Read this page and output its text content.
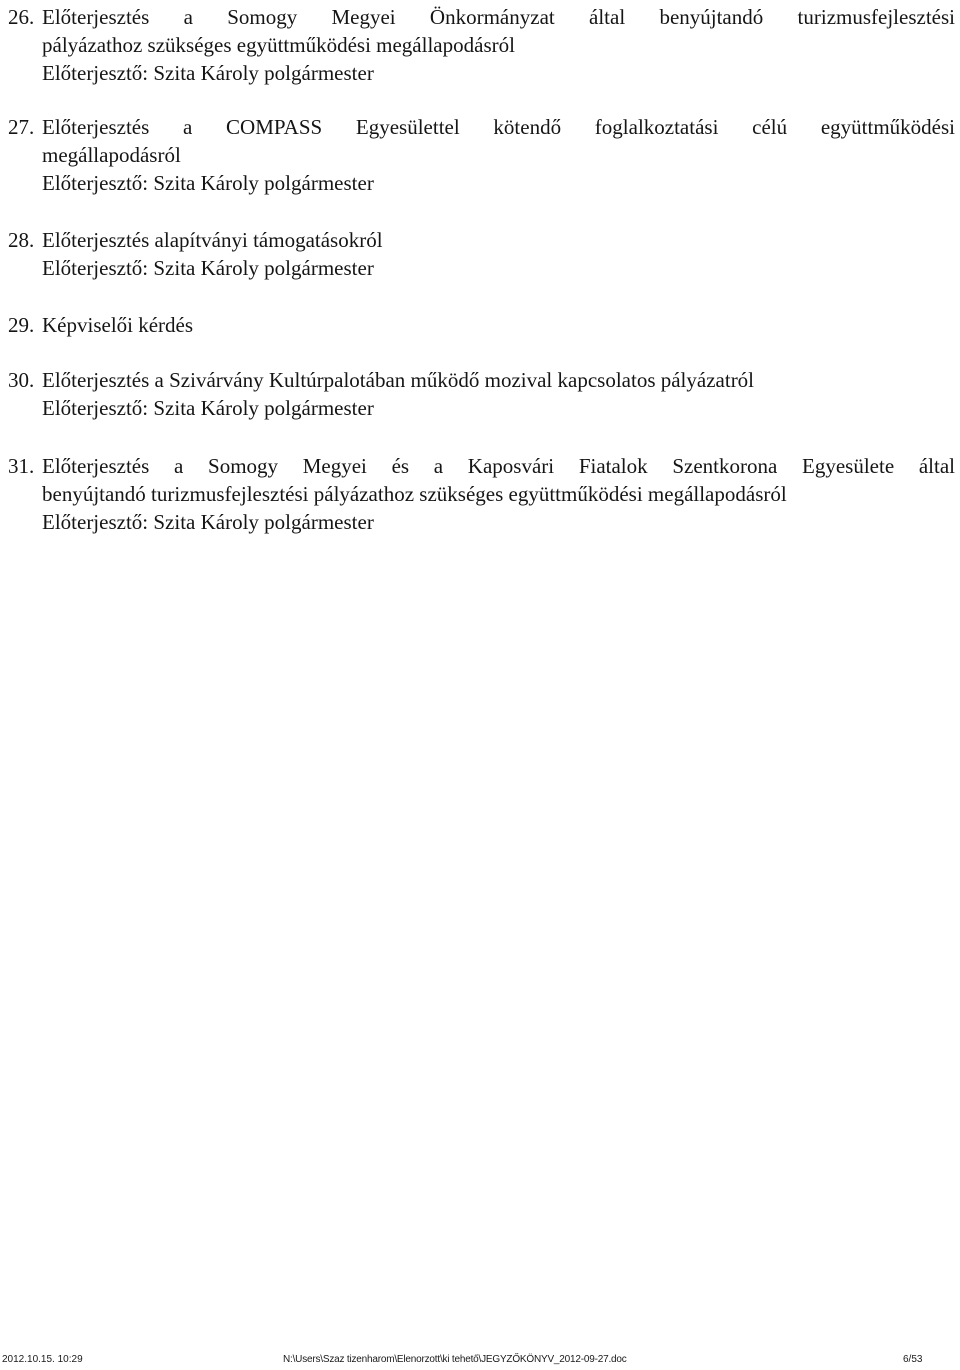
26. Előterjesztés a Somogy Megyei Önkormányzat által benyújtandó turizmusfejlesztési
pályázathoz szükséges együttműködési megállapodásról
Előterjesztő: Szita Károly polgármester
27. Előterjesztés a COMPASS Egyesülettel kötendő foglalkoztatási célú együttműködési
megállapodásról
Előterjesztő: Szita Károly polgármester
28. Előterjesztés alapítványi támogatásokról
Előterjesztő: Szita Károly polgármester
29. Képviselői kérdés
30. Előterjesztés a Szivárvány Kultúrpalotában működő mozival kapcsolatos pályázatról
Előterjesztő: Szita Károly polgármester
31. Előterjesztés a Somogy Megyei és a Kaposvári Fiatalok Szentkorona Egyesülete által
benyújtandó turizmusfejlesztési pályázathoz szükséges együttműködési megállapodásról
Előterjesztő: Szita Károly polgármester
2012.10.15. 10:29	N:\Users\Szaz tizenharom\Elenorzott\ki tehető\JEGYZŐKÖNYV_2012-09-27.doc	6/53
